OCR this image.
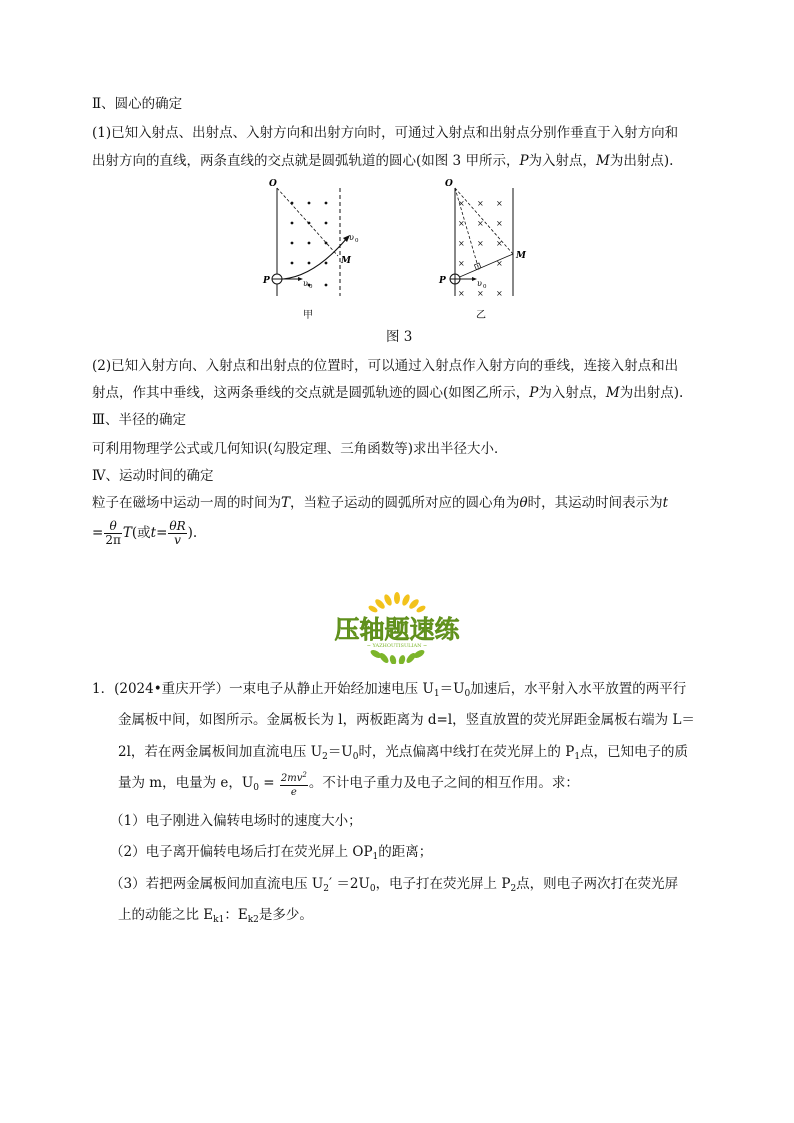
Ⅱ、圆心的确定
(1)已知入射点、出射点、入射方向和出射方向时，可通过入射点和出射点分别作垂直于入射方向和
出射方向的直线，两条直线的交点就是圆弧轨道的圆心(如图 3 甲所示，P为入射点，M为出射点).
O
P
M
υ 0
υ 0
甲
× × ×
× × ×
× × ×
×	×
× × ×
O
P
M
υ 0
乙
图 3
(2)已知入射方向、入射点和出射点的位置时，可以通过入射点作入射方向的垂线，连接入射点和出
射点，作其中垂线，这两条垂线的交点就是圆弧轨迹的圆心(如图乙所示，P为入射点，M为出射点).
Ⅲ、半径的确定
可利用物理学公式或几何知识(勾股定理、三角函数等)求出半径大小．
Ⅳ、运动时间的确定
粒子在磁场中运动一周的时间为T，当粒子运动的圆弧所对应的圆心角为θ时，其运动时间表示为t
= $\frac{\theta}{2\pi} T$(或$t= \frac{\theta R}{v}$ ).
压轴题速练
~ YAZHOUTISULIAN ~
1．(2024•重庆开学）一束电子从静止开始经加速电压 $U_1=U_0$加速后，水平射入水平放置的两平行
金属板中间，如图所示。金属板长为 l，两板距离为 d=l，竖直放置的荧光屏距金属板右端为 L＝
2l，若在两金属板间加直流电压 $U_2=U_0$时，光点偏离中线打在荧光屏上的 $P_1$点，已知电子的质
量为 m，电量为 e，$U_0 = \frac{2mv^2}{e}$ 。不计电子重力及电子之间的相互作用。求：
（1）电子刚进入偏转电场时的速度大小；
（2）电子离开偏转电场后打在荧光屏上 $OP_1$的距离；
（3）若把两金属板间加直流电压 $U_2' =2U_0$，电子打在荧光屏上 $P_2$点，则电子两次打在荧光屏
上的动能之比 $E_{k1}$：$E_{k2}$是多少。
